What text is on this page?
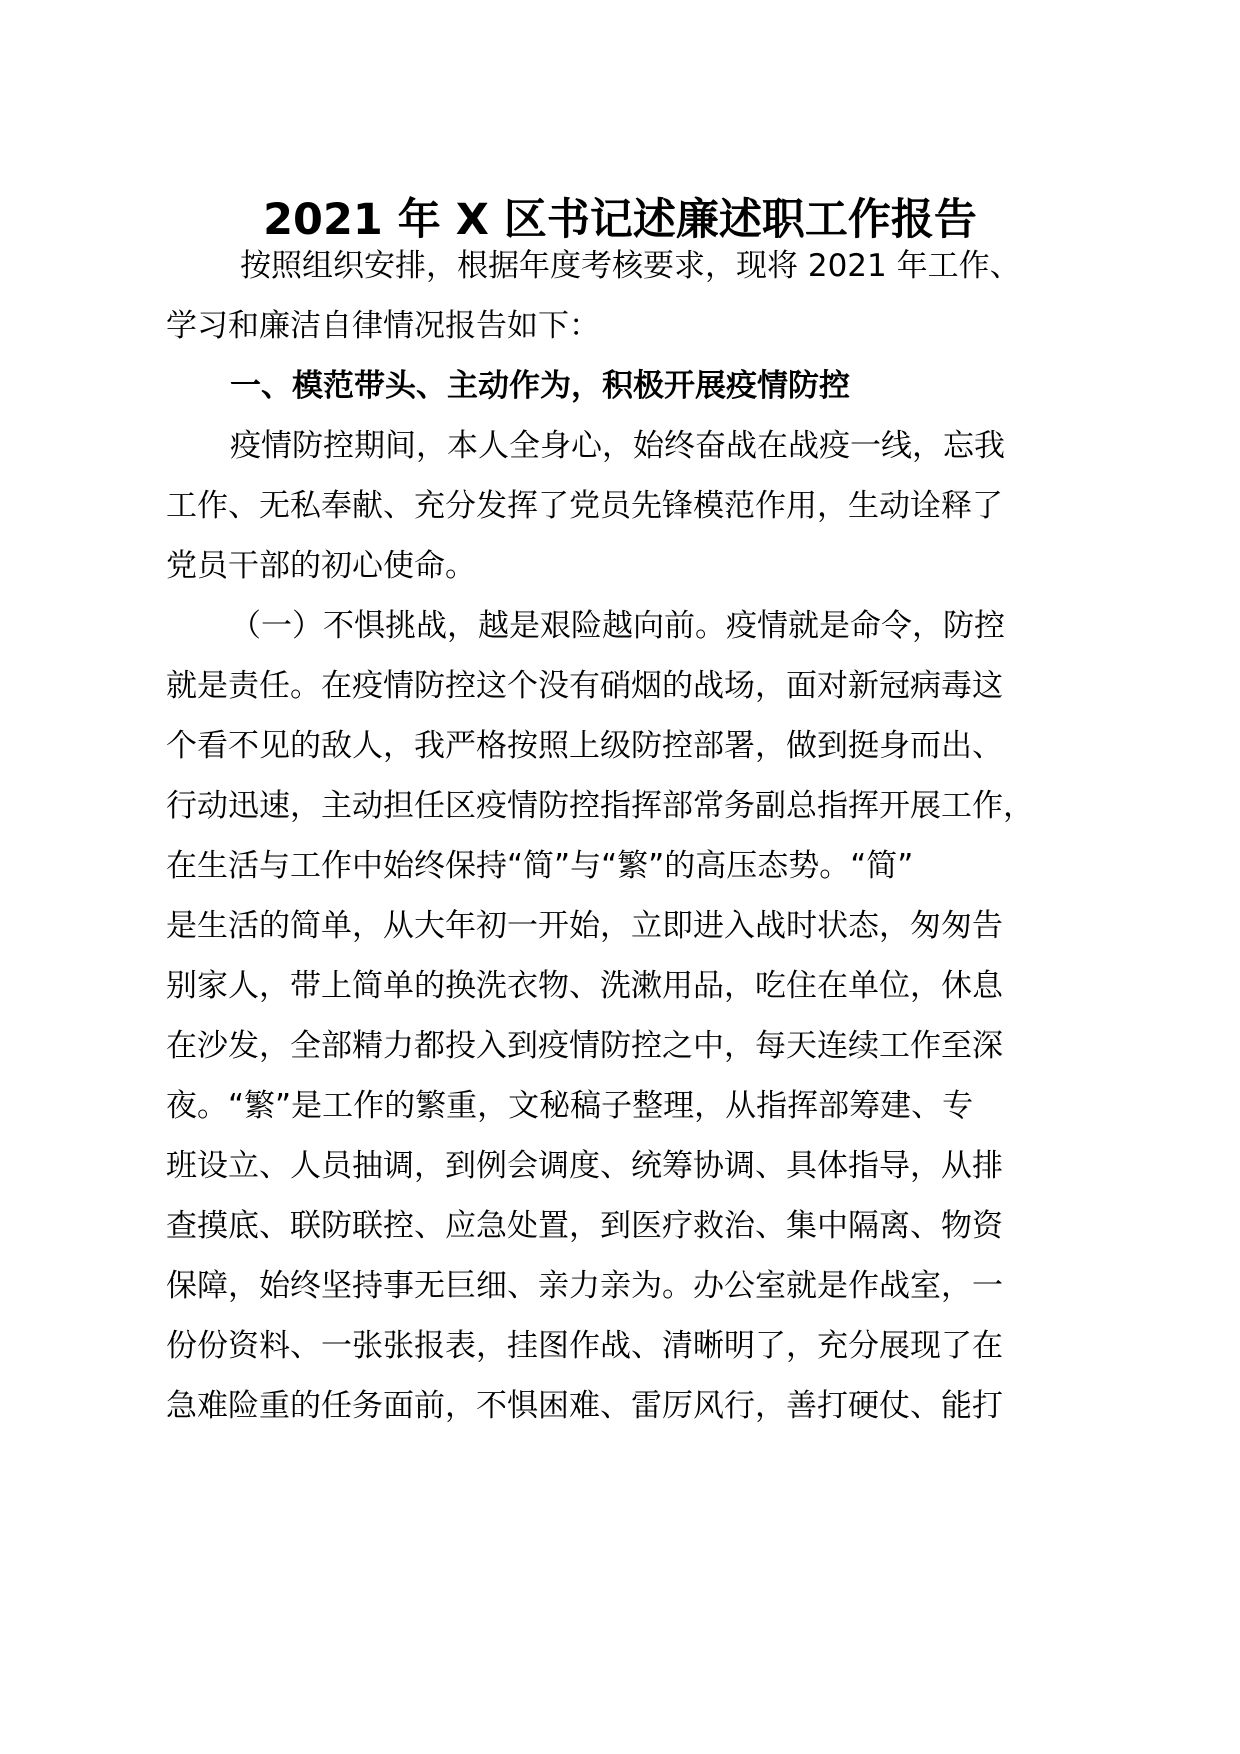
2021 年 X 区书记述廉述职工作报告
按照组织安排，根据年度考核要求，现将 2021 年工作、
学习和廉洁自律情况报告如下：
一、模范带头、主动作为，积极开展疫情防控
疫情防控期间，本人全身心，始终奋战在战疫一线，忘我
工作、无私奉献、充分发挥了党员先锋模范作用，生动诠释了
党员干部的初心使命。
（一）不惧挑战，越是艰险越向前。疫情就是命令，防控
就是责任。在疫情防控这个没有硝烟的战场，面对新冠病毒这
个看不见的敌人，我严格按照上级防控部署，做到挺身而出、
行动迅速，主动担任区疫情防控指挥部常务副总指挥开展工作，
在生活与工作中始终保持“简”与“繁”的高压态势。“简”
是生活的简单，从大年初一开始，立即进入战时状态，匆匆告
别家人，带上简单的换洗衣物、洗漱用品，吃住在单位，休息
在沙发，全部精力都投入到疫情防控之中，每天连续工作至深
夜。“繁”是工作的繁重，文秘稿子整理，从指挥部筹建、专
班设立、人员抽调，到例会调度、统筹协调、具体指导，从排
查摸底、联防联控、应急处置，到医疗救治、集中隔离、物资
保障，始终坚持事无巨细、亲力亲为。办公室就是作战室，一
份份资料、一张张报表，挂图作战、清晰明了，充分展现了在
急难险重的任务面前，不惧困难、雷厉风行，善打硬仗、能打
